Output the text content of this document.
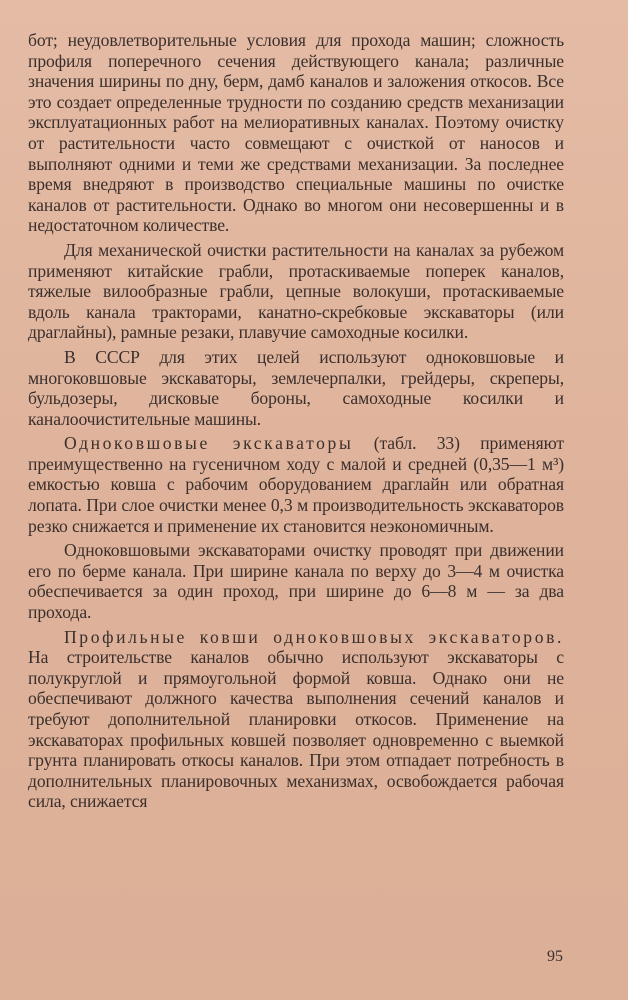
бот; неудовлетворительные условия для прохода машин; сложность профиля поперечного сечения действующего канала; различные значения ширины по дну, берм, дамб каналов и заложения откосов. Все это создает определенные трудности по созданию средств механизации эксплуатационных работ на мелиоративных каналах. Поэтому очистку от растительности часто совмещают с очисткой от наносов и выполняют одними и теми же средствами механизации. За последнее время внедряют в производство специальные машины по очистке каналов от растительности. Однако во многом они несовершенны и в недостаточном количестве.

Для механической очистки растительности на каналах за рубежом применяют китайские грабли, протаскиваемые поперек каналов, тяжелые вилообразные грабли, цепные волокуши, протаскиваемые вдоль канала тракторами, канатно-скребковые экскаваторы (или драглайны), рамные резаки, плавучие самоходные косилки.

В СССР для этих целей используют одноковшовые и многоковшовые экскаваторы, землечерпалки, грейдеры, скреперы, бульдозеры, дисковые бороны, самоходные косилки и каналоочистительные машины.

Одноковшовые экскаваторы (табл. 33) применяют преимущественно на гусеничном ходу с малой и средней (0,35—1 м³) емкостью ковша с рабочим оборудованием драглайн или обратная лопата. При слое очистки менее 0,3 м производительность экскаваторов резко снижается и применение их становится неэкономичным.

Одноковшовыми экскаваторами очистку проводят при движении его по берме канала. При ширине канала по верху до 3—4 м очистка обеспечивается за один проход, при ширине до 6—8 м — за два прохода.

Профильные ковши одноковшовых экскаваторов. На строительстве каналов обычно используют экскаваторы с полукруглой и прямоугольной формой ковша. Однако они не обеспечивают должного качества выполнения сечений каналов и требуют дополнительной планировки откосов. Применение на экскаваторах профильных ковшей позволяет одновременно с выемкой грунта планировать откосы каналов. При этом отпадает потребность в дополнительных планировочных механизмах, освобождается рабочая сила, снижается

95
